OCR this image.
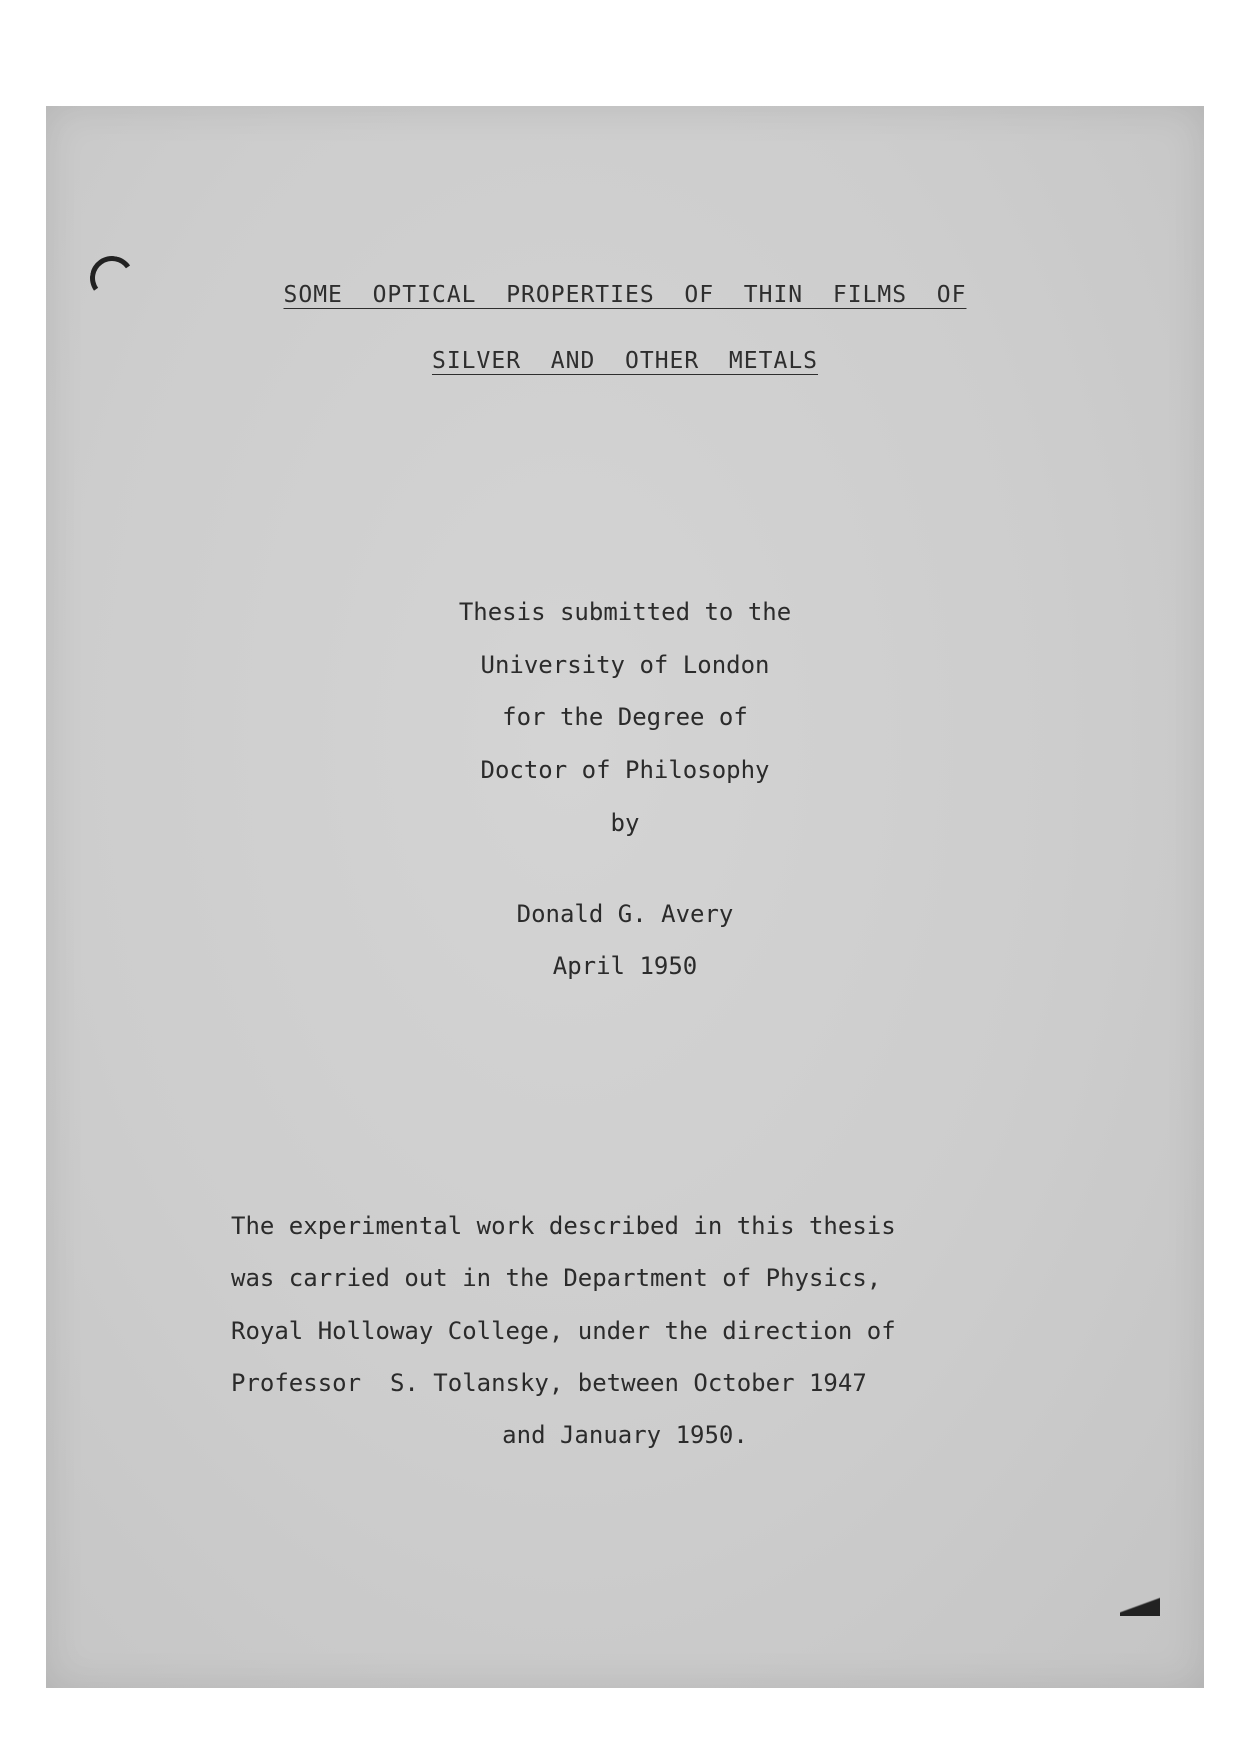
SOME  OPTICAL  PROPERTIES  OF  THIN  FILMS  OF
SILVER  AND  OTHER  METALS
Thesis submitted to the
University of London
for the Degree of
Doctor of Philosophy
by
Donald G. Avery
April 1950
The experimental work described in this thesis
was carried out in the Department of Physics,
Royal Holloway College, under the direction of
Professor  S. Tolansky, between October 1947
and January 1950.
